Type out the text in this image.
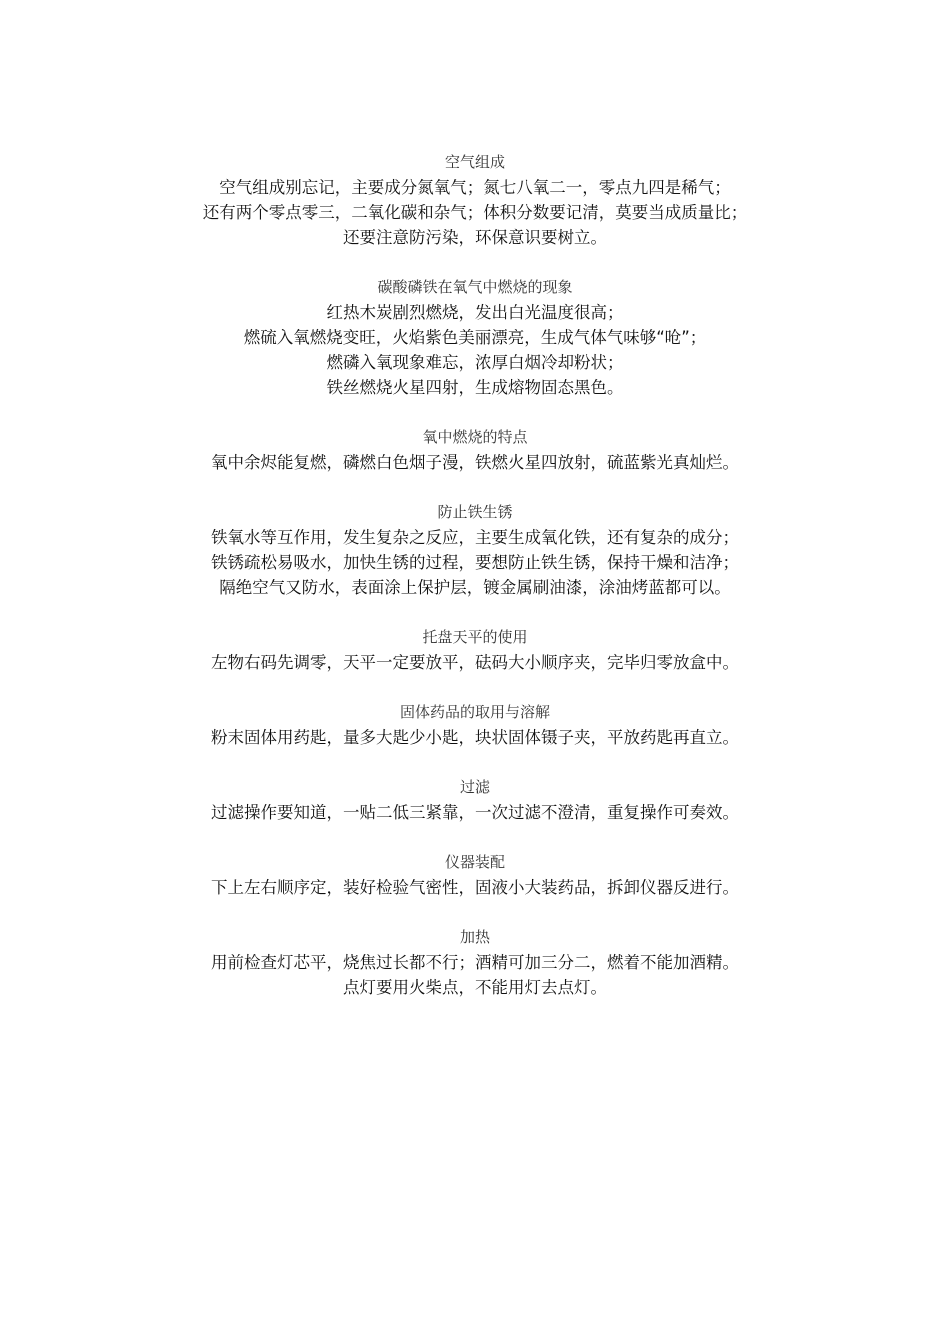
空气组成
空气组成别忘记，主要成分氮氧气；氮七八氧二一，零点九四是稀气；
还有两个零点零三，二氧化碳和杂气；体积分数要记清，莫要当成质量比；
还要注意防污染，环保意识要树立。
碳酸磷铁在氧气中燃烧的现象
红热木炭剧烈燃烧，发出白光温度很高；
燃硫入氧燃烧变旺，火焰紫色美丽漂亮，生成气体气味够“呛”；
燃磷入氧现象难忘，浓厚白烟冷却粉状；
铁丝燃烧火星四射，生成熔物固态黑色。
氧中燃烧的特点
氧中余烬能复燃，磷燃白色烟子漫，铁燃火星四放射，硫蓝紫光真灿烂。
防止铁生锈
铁氧水等互作用，发生复杂之反应，主要生成氧化铁，还有复杂的成分；
铁锈疏松易吸水，加快生锈的过程，要想防止铁生锈，保持干燥和洁净；
隔绝空气又防水，表面涂上保护层，镀金属刷油漆，涂油烤蓝都可以。
托盘天平的使用
左物右码先调零，天平一定要放平，砝码大小顺序夹，完毕归零放盒中。
固体药品的取用与溶解
粉末固体用药匙，量多大匙少小匙，块状固体镊子夹，平放药匙再直立。
过滤
过滤操作要知道，一贴二低三紧靠，一次过滤不澄清，重复操作可奏效。
仪器装配
下上左右顺序定，装好检验气密性，固液小大装药品，拆卸仪器反进行。
加热
用前检查灯芯平，烧焦过长都不行；酒精可加三分二，燃着不能加酒精。
点灯要用火柴点，不能用灯去点灯。
